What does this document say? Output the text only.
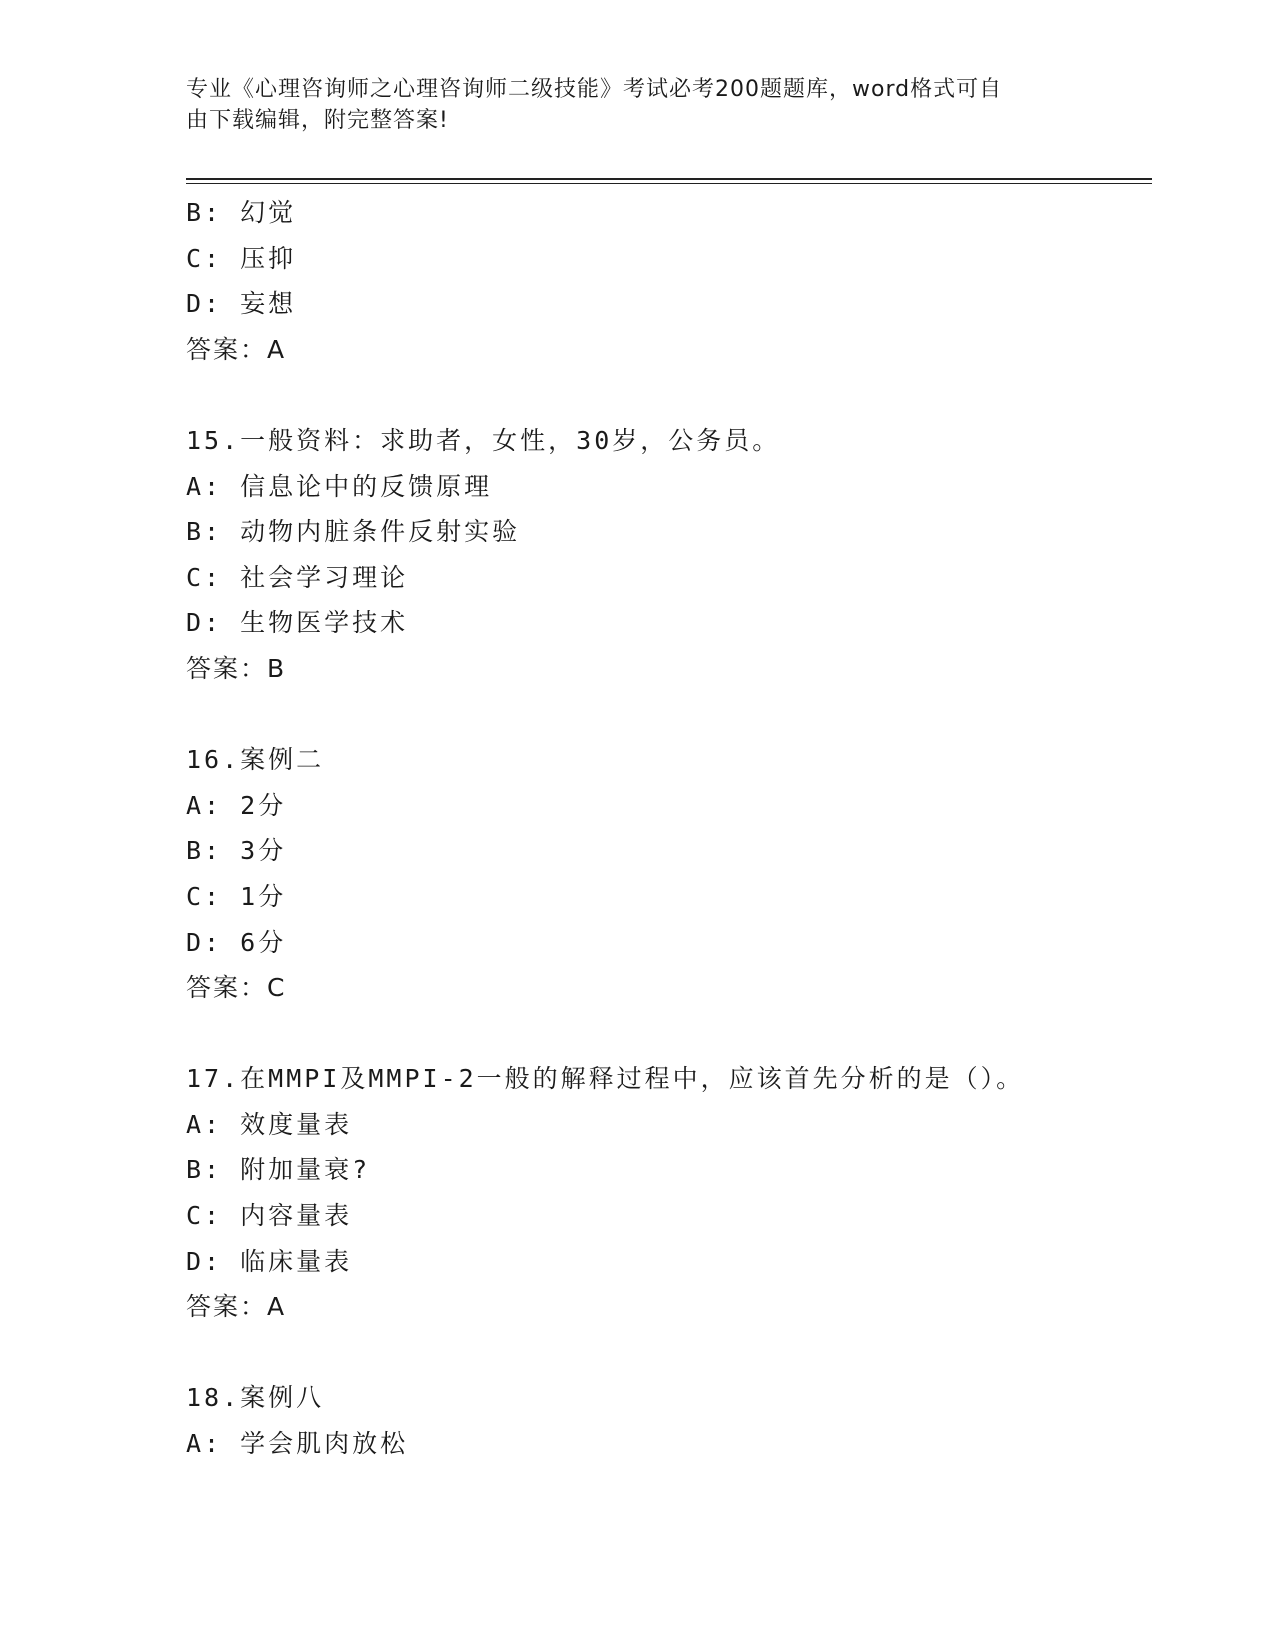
专业《心理咨询师之心理咨询师二级技能》考试必考200题题库，word格式可自
由下载编辑，附完整答案!
B: 幻觉
C: 压抑
D: 妄想
答案：A
15.一般资料：求助者，女性，30岁，公务员。
A: 信息论中的反馈原理
B: 动物内脏条件反射实验
C: 社会学习理论
D: 生物医学技术
答案：B
16.案例二
A: 2分
B: 3分
C: 1分
D: 6分
答案：C
17.在MMPI及MMPI-2一般的解释过程中，应该首先分析的是（）。
A: 效度量表
B: 附加量衰?
C: 内容量表
D: 临床量表
答案：A
18.案例八
A: 学会肌肉放松
